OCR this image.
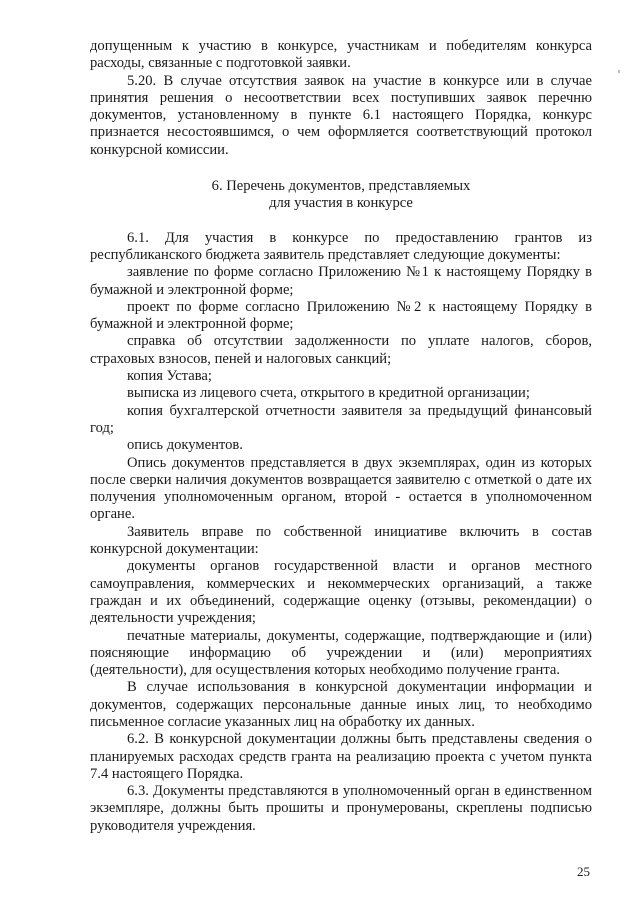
допущенным к участию в конкурсе, участникам и победителям конкурса расходы, связанные с подготовкой заявки.

5.20. В случае отсутствия заявок на участие в конкурсе или в случае принятия решения о несоответствии всех поступивших заявок перечню документов, установленному в пункте 6.1 настоящего Порядка, конкурс признается несостоявшимся, о чем оформляется соответствующий протокол конкурсной комиссии.

6. Перечень документов, представляемых
для участия в конкурсе

6.1. Для участия в конкурсе по предоставлению грантов из республиканского бюджета заявитель представляет следующие документы:

заявление по форме согласно Приложению №1 к настоящему Порядку в бумажной и электронной форме;

проект по форме согласно Приложению №2 к настоящему Порядку в бумажной и электронной форме;

справка об отсутствии задолженности по уплате налогов, сборов, страховых взносов, пеней и налоговых санкций;

копия Устава;

выписка из лицевого счета, открытого в кредитной организации;

копия бухгалтерской отчетности заявителя за предыдущий финансовый год;

опись документов.

Опись документов представляется в двух экземплярах, один из которых после сверки наличия документов возвращается заявителю с отметкой о дате их получения уполномоченным органом, второй - остается в уполномоченном органе.

Заявитель вправе по собственной инициативе включить в состав конкурсной документации:

документы органов государственной власти и органов местного самоуправления, коммерческих и некоммерческих организаций, а также граждан и их объединений, содержащие оценку (отзывы, рекомендации) о деятельности учреждения;

печатные материалы, документы, содержащие, подтверждающие и (или) поясняющие информацию об учреждении и (или) мероприятиях (деятельности), для осуществления которых необходимо получение гранта.

В случае использования в конкурсной документации информации и документов, содержащих персональные данные иных лиц, то необходимо письменное согласие указанных лиц на обработку их данных.

6.2. В конкурсной документации должны быть представлены сведения о планируемых расходах средств гранта на реализацию проекта с учетом пункта 7.4 настоящего Порядка.

6.3. Документы представляются в уполномоченный орган в единственном экземпляре, должны быть прошиты и пронумерованы, скреплены подписью руководителя учреждения.

25
